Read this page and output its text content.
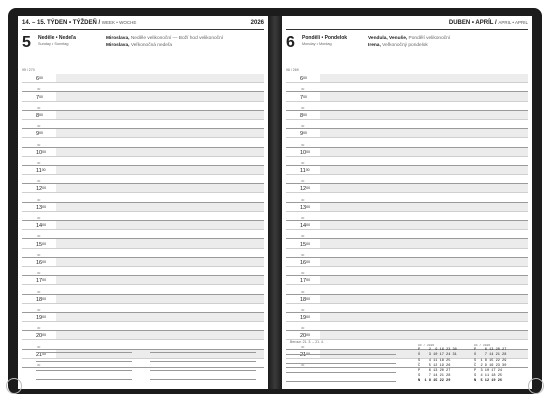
14. – 15. TÝDEN • TÝŽDEŇ / WEEK • WOCHE	2026
5	Neděle • Nedeľa
Sunday • Sonntag
95 / 270
Miroslava, Neděle velikonoční — Boží hod velikonoční
Miroslava, Veľkonočná nedeľa
$6^{00}$
30
$7^{00}$
30
$8^{00}$
30
$9^{00}$
30
$10^{00}$
30
$11^{00}$
30
$12^{00}$
30
$13^{00}$
30
$14^{00}$
30
$15^{00}$
30
$16^{00}$
30
$17^{00}$
30
$18^{00}$
30
$19^{00}$
30
$20^{00}$
30
$21^{00}$
30
DUBEN • APRÍL / APRIL • APRIL
6	Pondělí • Pondelok
Monday • Montag
96 / 269
Vendula, Venuše, Pondělí velikonoční
Irena, Veľkonočný pondelok
$6^{00}$
30
$7^{00}$
30
$8^{00}$
30
$9^{00}$
30
$10^{00}$
30
$11^{00}$
30
$12^{00}$
30
$13^{00}$
30
$14^{00}$
30
$15^{00}$
30
$16^{00}$
30
$17^{00}$
30
$18^{00}$
30
$19^{00}$
30
$20^{00}$
30
$21^{00}$
30
Beroun 21. 3. – 21. 4.
03 / 2026
P    2  9 16 23 30
Ú    3 10 17 24 31
S    4 11 18 25
Č    5 12 19 26
P    6 13 20 27
S    7 14 21 28
N  1 8 15 22 29
04 / 2026
P    6 13 20 27
Ú    7 14 21 28
S  1 8 15 22 29
Č  2 9 16 23 30
P  3 10 17 24
S  4 11 18 25
N  5 12 19 26
